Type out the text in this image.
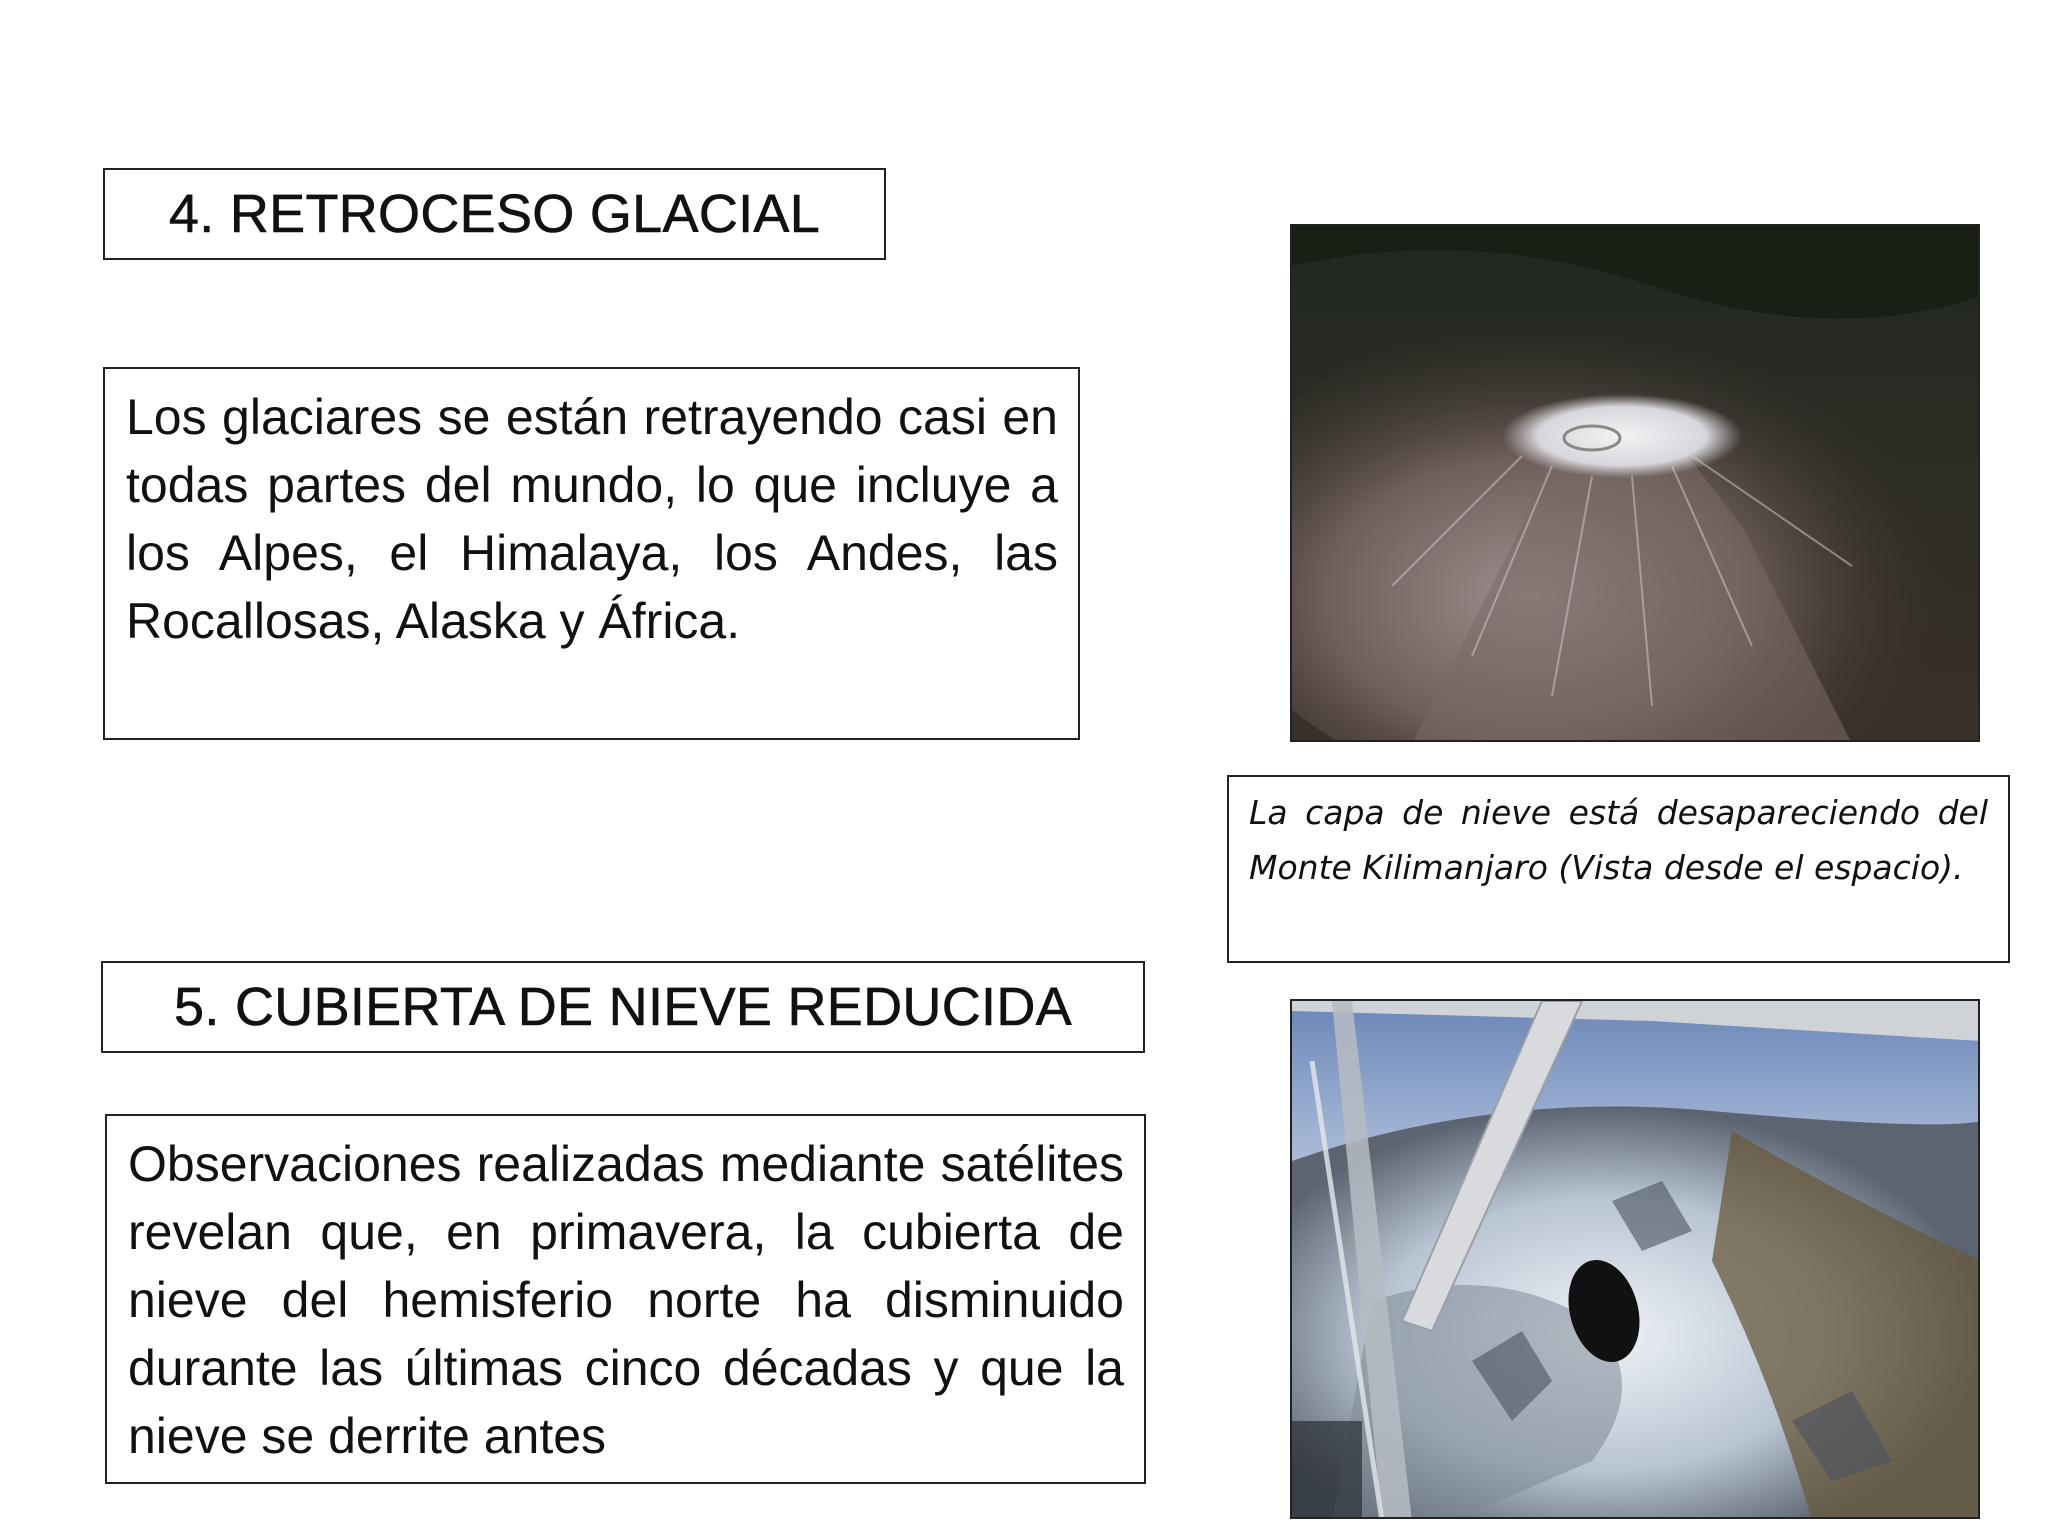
4. RETROCESO GLACIAL
Los glaciares se están retrayendo casi en todas partes del mundo, lo que incluye a los Alpes, el Himalaya, los Andes, las Rocallosas, Alaska y África.
La capa de nieve está desapareciendo del Monte Kilimanjaro (Vista desde el espacio).
5. CUBIERTA DE NIEVE REDUCIDA
Observaciones realizadas mediante satélites revelan que, en primavera, la cubierta de nieve del hemisferio norte ha disminuido durante las últimas cinco décadas y que la nieve se derrite antes
